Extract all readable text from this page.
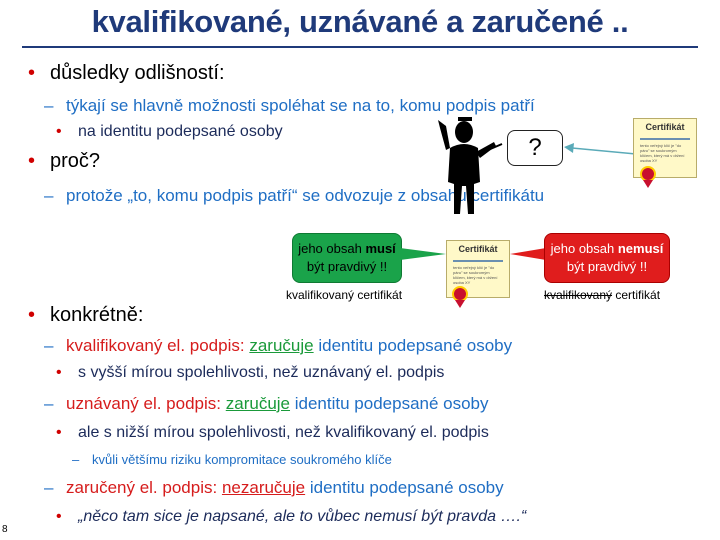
kvalifikované, uznávané a zaručené ..
• důsledky odlišností:
– týkají se hlavně možnosti spoléhat se na to, komu podpis patří
• na identitu podepsané osoby
• proč?
– protože „to, komu podpis patří“ se odvozuje z obsahu certifikátu
?
Certifikát
tento veřejný klíč je "do páru" se soukromým klíčem, který má v držení osoba XY
jeho obsah musí
být pravdivý !!
Certifikát
tento veřejný klíč je "do páru" se soukromým klíčem, který má v držení osoba XY
jeho obsah nemusí
být pravdivý !!
kvalifikovaný certifikát	kvalifikovaný certifikát
• konkrétně:
– kvalifikovaný el. podpis: zaručuje identitu podepsané osoby
• s vyšší mírou spolehlivosti, než uznávaný el. podpis
– uznávaný el. podpis: zaručuje identitu podepsané osoby
• ale s nižší mírou spolehlivosti, než kvalifikovaný el. podpis
– kvůli většímu riziku kompromitace soukromého klíče
– zaručený el. podpis: nezaručuje identitu podepsané osoby
• „něco tam sice je napsané, ale to vůbec nemusí být pravda ….“
8
